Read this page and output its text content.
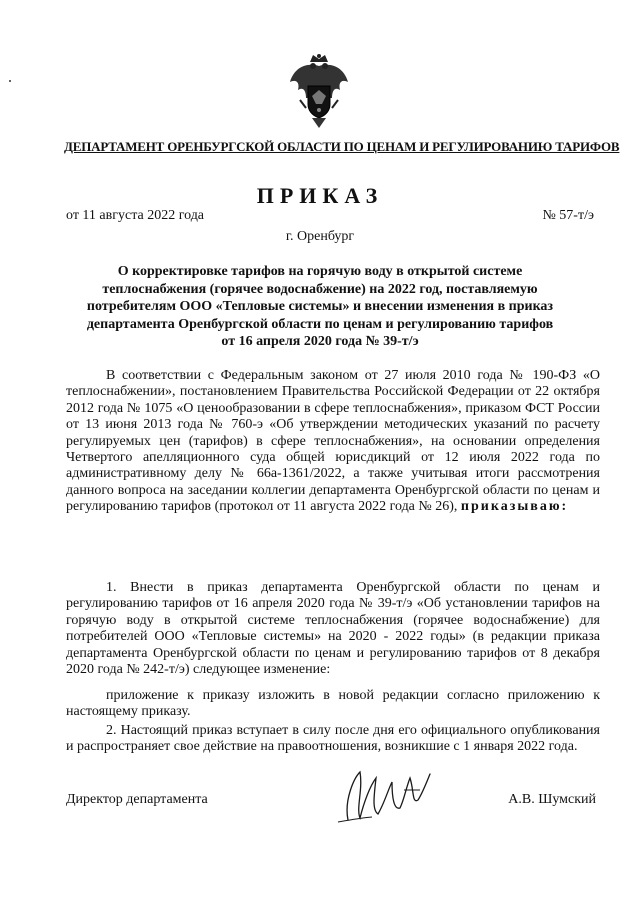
ДЕПАРТАМЕНТ ОРЕНБУРГСКОЙ ОБЛАСТИ ПО ЦЕНАМ И РЕГУЛИРОВАНИЮ ТАРИФОВ
ПРИКАЗ
от 11 августа 2022 года	№ 57-т/э
г. Оренбург
О корректировке тарифов на горячую воду в открытой системе теплоснабжения (горячее водоснабжение) на 2022 год, поставляемую потребителям ООО «Тепловые системы» и внесении изменения в приказ департамента Оренбургской области по ценам и регулированию тарифов от 16 апреля 2020 года № 39-т/э
В соответствии с Федеральным законом от 27 июля 2010 года № 190-ФЗ «О теплоснабжении», постановлением Правительства Российской Федерации от 22 октября 2012 года № 1075 «О ценообразовании в сфере теплоснабжения», приказом ФСТ России от 13 июня 2013 года № 760-э «Об утверждении методических указаний по расчету регулируемых цен (тарифов) в сфере теплоснабжения», на основании определения Четвертого апелляционного суда общей юрисдикций от 12 июля 2022 года по административному делу № 66а-1361/2022, а также учитывая итоги рассмотрения данного вопроса на заседании коллегии департамента Оренбургской области по ценам и регулированию тарифов (протокол от 11 августа 2022 года № 26), приказываю:
1. Внести в приказ департамента Оренбургской области по ценам и регулированию тарифов от 16 апреля 2020 года № 39-т/э «Об установлении тарифов на горячую воду в открытой системе теплоснабжения (горячее водоснабжение) для потребителей ООО «Тепловые системы» на 2020 - 2022 годы» (в редакции приказа департамента Оренбургской области по ценам и регулированию тарифов от 8 декабря 2020 года № 242-т/э) следующее изменение:
приложение к приказу изложить в новой редакции согласно приложению к настоящему приказу.
2. Настоящий приказ вступает в силу после дня его официального опубликования и распространяет свое действие на правоотношения, возникшие с 1 января 2022 года.
Директор департамента	А.В. Шумский
